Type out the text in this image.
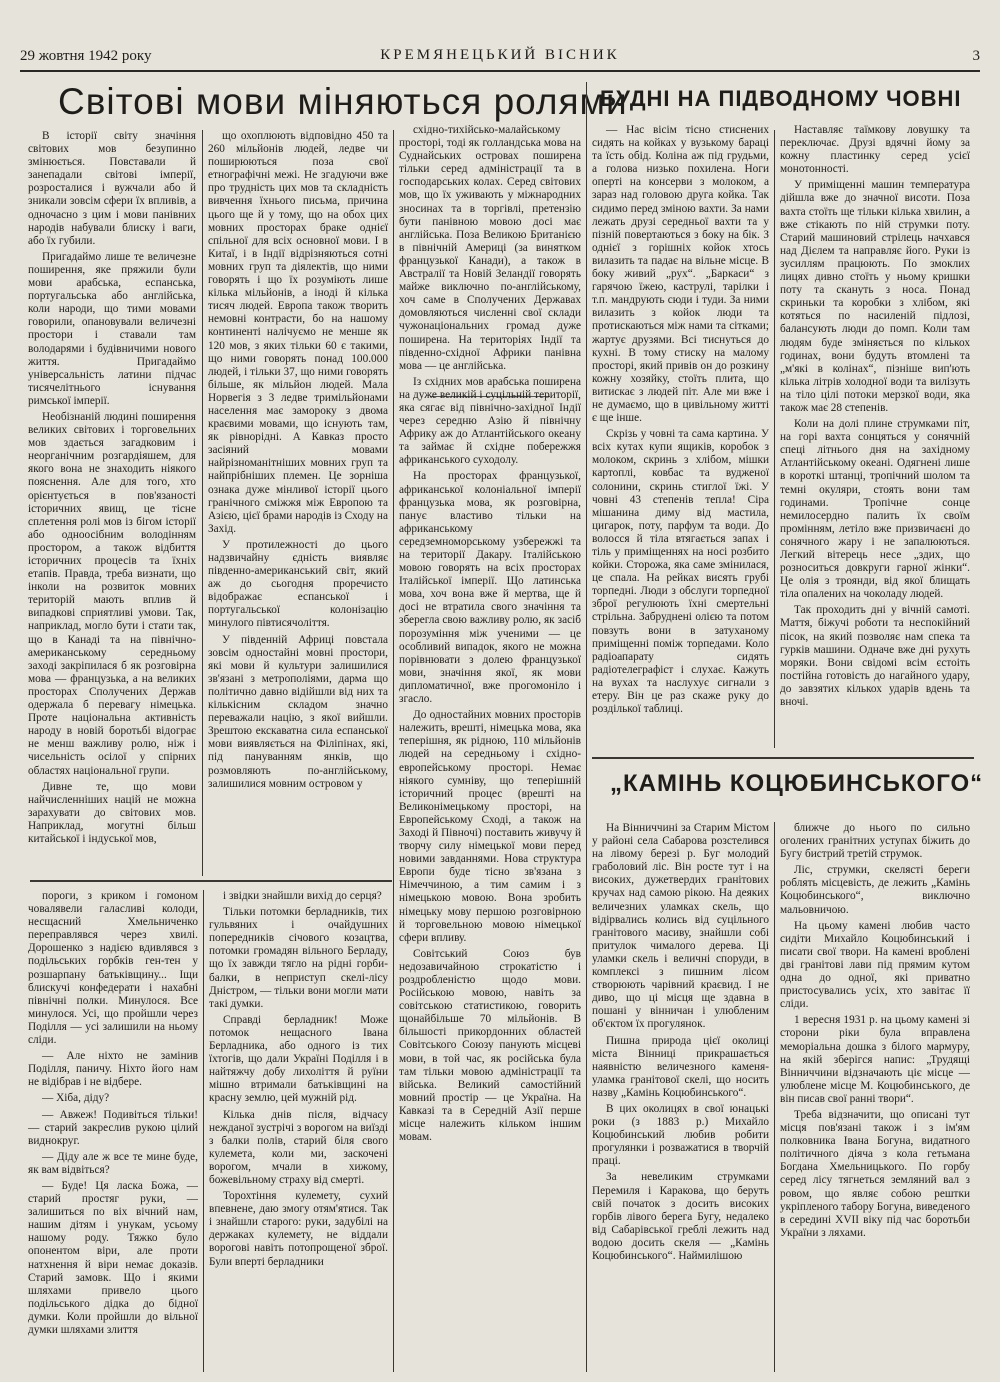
29 жовтня 1942 року	КРЕМЯНЕЦЬКИЙ ВІСНИК	3
Світові мови міняються ролями
БУДНІ НА ПІДВОДНОМУ ЧОВНІ
„КАМІНЬ КОЦЮБИНСЬКОГО“

В історії світу значіння світових мов безупинно змінюється. Повставали й занепадали світові імперії, розросталися і вужчали або й зникали зовсім сфери їх впливів, а одночасно з цим і мови панівних народів набували блиску і ваги, або їх губили.

Пригадаймо лише те величезне поширення, яке пряжили були мови арабська, еспанська, португальська або англійська, коли народи, що тими мовами говорили, опановували величезні простори і ставали там володарями і будівничими нового життя. Пригадаймо універсальність латини підчас тисячелітнього існування римської імперії.

Необізнаній людині поширення великих світових і торговельних мов здається загадковим і неорганічним розгардіяшем, для якого вона не знаходить ніякого пояснення. Але для того, хто орієнтується в пов'язаності історичних явищ, це тісне сплетення ролі мов із бігом історії або одноосібним володінням простором, а також відбиття історичних процесів та їхніх етапів. Правда, треба визнати, що інколи на розвиток мовних територій мають вплив й випадкові сприятливі умови. Так, наприклад, могло бути і стати так, що в Канаді та на північно-американському середньому заході закріпилася б як розговірна мова — французька, а на великих просторах Сполучених Держав одержала б перевагу німецька. Проте національна активність народу в новій боротьбі відограє не менш важливу ролю, ніж і чисельність осілої у спірних областях національної групи.

Дивне те, що мови найчисленніших націй не можна зарахувати до світових мов. Наприклад, могутні більш китайської і індуської мов,

що охоплюють відповідно 450 та 260 мільйонів людей, ледве чи поширюються поза свої етнографічні межі. Не згадуючи вже про трудність цих мов та складність вивчення їхнього письма, причина цього ще й у тому, що на обох цих мовних просторах браке однієї спільної для всіх основної мови. І в Китаї, і в Індії відрізняються сотні мовних груп та діялектів, що ними говорять і що їх розуміють лише кілька мільйонів, а іноді й кілька тисяч людей. Европа також творить немовні контрасти, бо на нашому континенті налічуємо не менше як 120 мов, з яких тільки 60 є такими, що ними говорять понад 100.000 людей, і тільки 37, що ними говорять більше, як мільйон людей. Мала Норвегія з 3 ледве тримільйонами населення має замороку з двома краєвими мовами, що існують там, як рівнорідні. А Кавказ просто засіяний мовами найрізноманітніших мовних груп та найпрібніших племен. Це зорніша ознака дуже мінливої історії цього гранічного сміжжя між Европою та Азією, цієї брами народів із Сходу на Захід.

У протилежності до цього надзвичайну єдність виявляє південно-американський світ, який аж до сьогодня проречисто відображає еспанської і португальської колонізацію минулого півтисячоліття.

У південній Африці повстала зовсім одностайні мовні простори, які мови й культури залишилися зв'язані з метрополіями, дарма що політично давно відійшли від них та кількісним складом значно переважали націю, з якої вийшли. Зрештою екскаватна сила еспанської мови виявляється на Філіпінах, які, під пануванням янків, що розмовляють по-англійському, залишилися мовним островом у

східно-тихійсько-малайському просторі, тоді як голландська мова на Суднайських островах поширена тільки серед адміністрації та в господарських колах. Серед світових мов, що їх уживають у міжнародних зносинах та в торгівлі, претензію бути панівною мовою досі має англійська. Поза Великою Британією в північній Америці (за винятком французької Канади), а також в Австралії та Новій Зеландії говорять майже виключно по-англійському, хоч саме в Сполучених Державах домовляються численні свої склади чужонаціональних громад дуже поширена. На територіях Індії та південно-східної Африки панівна мова — це англійська.

Із східних мов арабська поширена на дуже великій і суцільній території, яка сягає від північно-західної Індії через середню Азію й північну Африку аж до Атлантійського океану та займає й східне побережжя африканського суходолу.

На просторах французької, африканської колоніальної імперії французька мова, як розговірна, панує властиво тільки на африканському середземноморському узбережжі та на території Дакару. Італійською мовою говорять на всіх просторах Італійської імперії. Що латинська мова, хоч вона вже й мертва, ще й досі не втратила свого значіння та зберегла свою важливу ролю, як засіб порозуміння між ученими — це особливий випадок, якого не можна порівнювати з долею французької мови, значіння якої, як мови дипломатичної, вже прогомоніло і згасло.

До одностайних мовних просторів належить, врешті, німецька мова, яка теперішня, як рідною, 110 мільйонів людей на середньому і східно-европейському просторі. Немає ніякого сумніву, що теперішній історичний процес (врешті на Великонімецькому просторі, на Европейському Сході, а також на Заході й Півночі) поставить живучу й творчу силу німецької мови перед новими завданнями. Нова структура Европи буде тісно зв'язана з Німеччиною, а тим самим і з німецькою мовою. Вона зробить німецьку мову першою розговірною й торговельною мовою німецької сфери впливу.

Совітський Союз був недозавичайною строкатістю і роздробленістю щодо мови. Російською мовою, навіть за совітською статистикою, говорить щонайбільше 70 мільйонів. В більшості прикордонних областей Совітського Союзу панують місцеві мови, в той час, як російська була там тільки мовою адміністрації та війська. Великий самостійний мовний простір — це Україна. На Кавказі та в Середній Азії перше місце належить кільком іншим мовам.

— Нас вісім тісно стиснених сидять на койках у вузькому бараці та їсть обід. Коліна аж під грудьми, а голова низько похилена. Ноги оперті на консерви з молоком, а зараз над головою друга койка. Так сидимо перед зміною вахти. За нами лежать друзі середньої вахти та у пізній повертаються з боку на бік. З однієї з горішніх койок хтось вилазить та падає на вільне місце. В боку живий „рух“. „Баркаси“ з гарячою їжею, каструлі, тарілки і т.п. мандрують сюди і туди. За ними вилазить з койок люди та протискаються між нами та сітками; жартує друзями. Всі тиснуться до кухні. В тому стиску на малому просторі, який привів он до розкину кожну хозяйку, стоїть плита, що витискає з людей піт. Але ми вже і не думаємо, що в цивільному житті є ще інше.

Скрізь у човні та сама картина. У всіх кутах купи ящиків, коробок з молоком, скринь з хлібом, мішки картоплі, ковбас та вудженої солонини, скринь стиглої їжі. У човні 43 степенів тепла! Сіра мішанина диму від мастила, цигарок, поту, парфум та води. До волосся й тіла втягається запах і тіль у приміщеннях на носі розбито койки. Сторожа, яка саме змінилася, це спала. На рейках висять грубі торпедні. Люди з обслуги торпедної зброї регулюють їхні смертельні стрільна. Забруднені олією та потом повзуть вони в затуханому приміщенні поміж торпедами. Коло радіоапарату сидять радіотелеграфіст і слухає. Кажуть на вухах та наслухує сигнали з етеру. Він це раз скаже руку до розділької таблиці.

Наставляє таїмкову ловушку та переключає. Друзі вдячні йому за кожну пластинку серед усієї монотонності.

У приміщенні машин температура дійшла вже до значної висоти. Поза вахта стоїть ще тільки кілька хвилин, а вже стікають по ній струмки поту. Старий машиновий стрілець начхався над Дієлем та направляє його. Руки із зусиллям працюють. По змоклих лицях дивно стоїть у ньому кришки поту та скануть з носа. Понад скриньки та коробки з хлібом, які котяться по насиленій підлозі, балансують люди до помп. Коли там людям буде зміняється по кількох годинах, вони будуть втомлені та „м'які в колінах“, пізніше вип'ють кілька літрів холодної води та вилізуть на тіло цілі потоки мерзкої води, яка також має 28 степенів.

Коли на долі плине струмками піт, на горі вахта сонцяться у сонячній спеці літнього дня на західному Атлантійському океані. Одягнені лише в короткі штанці, тропічний шолом та темні окуляри, стоять вони там годинами. Тропічне сонце немилосердно палить їх своїм промінням, летіло вже призвичаєні до сонячного жару і не запалюються. Легкий вітерець несе „здих, що розноситься довкруги гарної жінки“. Це олія з троянди, від якої блищать тіла опалених на чоколаду людей.

Так проходить дні у вічній самоті. Маття, біжучі роботи та неспокійний пісок, на який позволяє нам спека та гурків машини. Одначе вже дні рухуть моряки. Вони свідомі всім єстоіть постійна готовість до нагайного удару, до завзятих кількох ударів вдень та вночі.

На Вінниччині за Старим Містом у районі села Сабарова розстелився на лівому березі р. Буг молодий граболовий ліс. Він росте тут і на високих, дужетвердих гранітових кручах над самою рікою. На деяких величезних уламках скель, що відірвались колись від суцільного гранітового масиву, знайшли собі притулок чималого дерева. Ці уламки скель і величні споруди, в комплексі з пишним лісом створюють чарівний краєвид. І не диво, що ці місця ще здавна в пошані у вінничан і улюбленим об'єктом їх прогулянок.

Пишна природа цієї околиці міста Вінниці прикрашається наявністю величезного каменя-уламка гранітової скелі, що носить назву „Камінь Коцюбинського“.

В цих околицях в свої юнацькі роки (з 1883 р.) Михайло Коцюбинський любив робити прогулянки і розважатися в творчій праці.

За невеликим струмками Перемиля і Каракова, що беруть свій початок з досить високих горбів лівого берега Бугу, недалеко від Сабарівської греблі лежить над водою досить скеля — „Камінь Коцюбинського“. Наймилішою

ближче до нього по сильно оголених гранітних уступах біжить до Бугу бистрий третій струмок.

Ліс, струмки, скелясті береги роблять місцевість, де лежить „Камінь Коцюбинського“, виключно мальовничою.

На цьому камені любив часто сидіти Михайло Коцюбинський і писати свої твори. На камені вроблені дві гранітові лави під прямим кутом одна до одної, які приватно пристосувались усіх, хто завітає її сліди.

1 вересня 1931 р. на цьому камені зі сторони ріки була вправлена меморіальна дошка з білого мармуру, на якій зберігся напис: „Трудящі Вінниччини відзначають ціє місце — улюблене місце М. Коцюбинського, де він писав свої ранні твори“.

Треба відзначити, що описані тут місця пов'язані також і з ім'ям полковника Івана Богуна, видатного політичного діяча з кола гетьмана Богдана Хмельницького. По горбу серед лісу тягнеться земляний вал з ровом, що являє собою рештки укріпленого табору Богуна, виведеного в середині XVII віку під час боротьби України з ляхами.

пороги, з криком і гомоном човалявели галасливі колоди, несщасний Хмельниченко переправлявся через хвилі. Дорошенко з надією вдивлявся з подільських горбків ген-тен у розшарпану батьківщину... Іщи блискучі конфедерати і нахабні північні полки. Минулося. Все минулося. Усі, що пройшли через Поділля — усі залишили на ньому сліди.

— Але ніхто не замінив Поділля, паничу. Ніхто його нам не відібрав і не відбере.

— Хіба, діду?

— Авжеж! Подивіться тільки! — старий закреслив рукою цілий виднокруг.

— Діду але ж все те мине буде, як вам відвіться?

— Буде! Ця ласка Божа, — старий простяг руки, — залишиться по віх вічний нам, нашим дітям і унукам, усьому нашому роду. Тяжко було опонентом віри, але проти натхнення й віри немає доказів. Старий замовк. Що і якими шляхами привело цього подільського дідка до бідної думки. Коли пройшли до вільної думки шляхами злиття

і звідки знайшли вихід до серця?

Тільки потомки берладників, тих гульвяних і очайдушних попередників січового козацтва, потомки громадян вільного Берладу, що їх завжди тягло на рідні горби-балки, в неприступ скелі-лісу Дністром, — тільки вони могли мати такі думки.

Справді берладник! Може потомок нещасного Івана Берладника, або одного із тих їхтогів, що дали Україні Поділля і в найтяжчу добу лихоліття й руїни мішно втримали батьківщині на красну землю, цей мужній рід.

Кілька днів після, відчасу нежданої зустрічі з ворогом на виїзді з балки полів, старий біля свого кулемета, коли ми, заскочені ворогом, мчали в хижому, божевільному страху від смерті.

Торохтіння кулемету, сухий впевнене, даю змогу отям'ятися. Так і знайшли старого: руки, задубілі на держаках кулемету, не віддали ворогові навіть потопрощеної зброї. Були вперті берладники
